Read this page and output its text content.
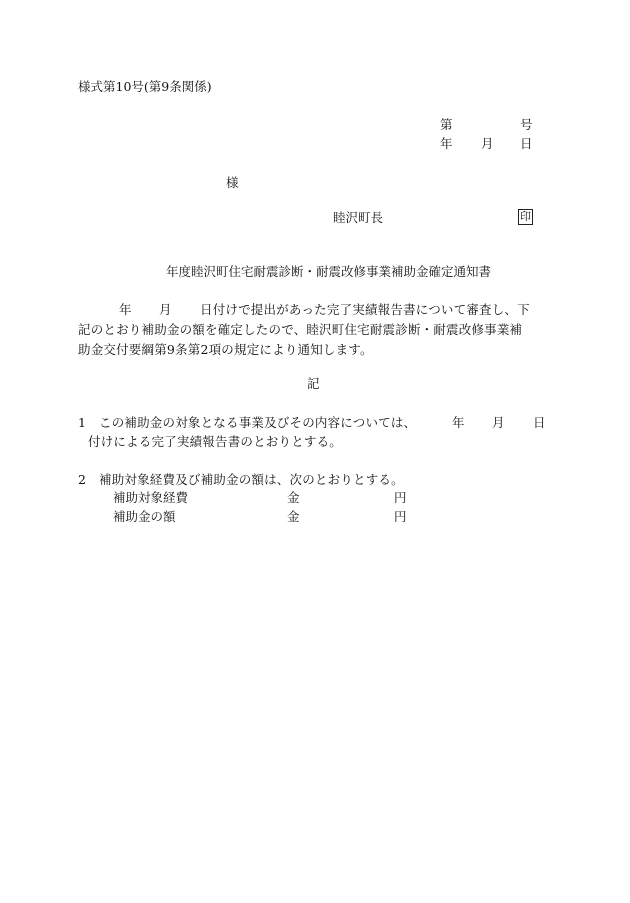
様式第10号(第9条関係)
第	号
年 月 日
様
睦沢町長	印
年度睦沢町住宅耐震診断・耐震改修事業補助金確定通知書
年 月 日付けで提出があった完了実績報告書について審査し、下
記のとおり補助金の額を確定したので、睦沢町住宅耐震診断・耐震改修事業補
助金交付要綱第9条第2項の規定により通知します。
記
1 この補助金の対象となる事業及びその内容については、	年 月 日
付けによる完了実績報告書のとおりとする。
2 補助対象経費及び補助金の額は、次のとおりとする。
補助対象経費	金	円
補助金の額	金	円
